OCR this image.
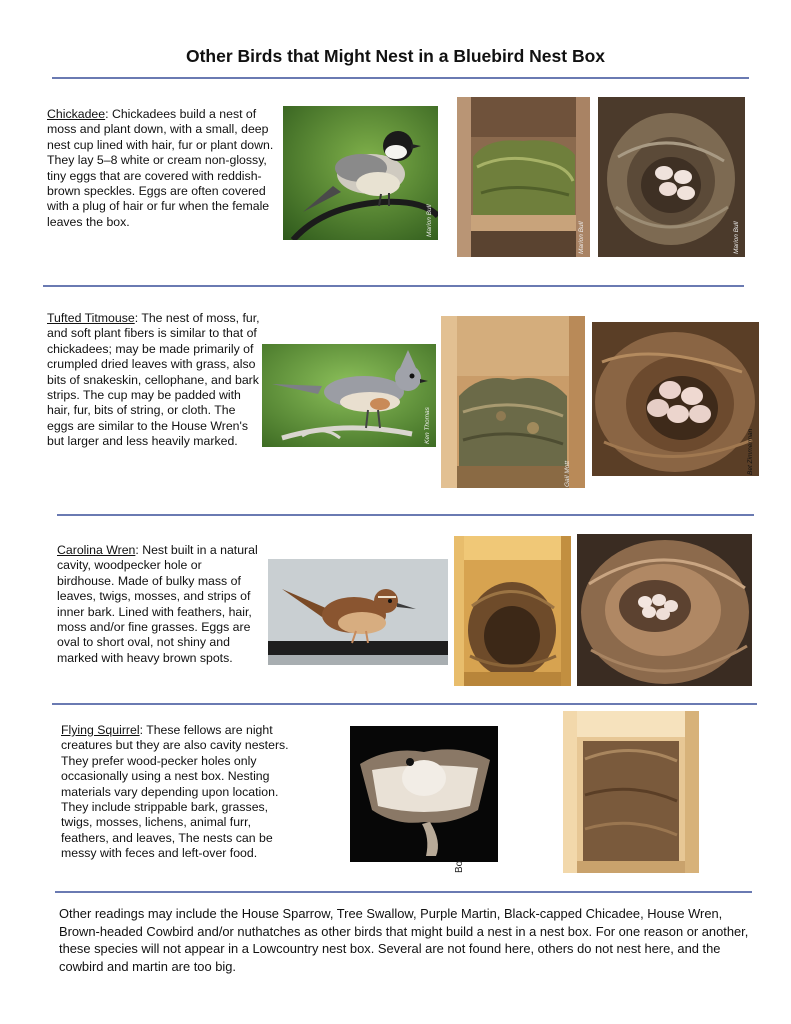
Other Birds that Might Nest in a Bluebird Nest Box

Chickadee: Chickadees build a nest of moss and plant down, with a small, deep nest cup lined with hair, fur or plant down. They lay 5–8 white or cream non-glossy, tiny eggs that are covered with reddish-brown speckles. Eggs are often covered with a plug of hair or fur when the female leaves the box.	Marion Bull
Marion Bull	Marion Bull

Tufted Titmouse: The nest of moss, fur, and soft plant fibers is similar to that of chickadees; may be made primarily of crumpled dried leaves with grass, also bits of snakeskin, cellophane, and bark strips. The cup may be padded with hair, fur, bits of string, or cloth. The eggs are similar to the House Wren's but larger and less heavily marked.	Ken Thomas
Gail Mott	Bet Zimmerman

Carolina Wren: Nest built in a natural cavity, woodpecker hole or birdhouse. Made of bulky mass of leaves, twigs, mosses, and strips of inner bark. Lined with feathers, hair, moss and/or fine grasses. Eggs are oval to short oval, not shiny and marked with heavy brown spots.

Flying Squirrel: These fellows are night creatures but they are also cavity nesters. They prefer wood-pecker holes only occasionally using a nest box. Nesting materials vary depending upon location. They include strippable bark, grasses, twigs, mosses, lichens, animal furr, feathers, and leaves, The nests can be messy with feces and left-over food.

Bo

Other readings may include the House Sparrow, Tree Swallow, Purple Martin, Black-capped Chicadee, House Wren, Brown-headed Cowbird and/or nuthatches as other birds that might build a nest in a nest box. For one reason or another, these species will not appear in a Lowcountry nest box. Several are not found here, others do not nest here, and the cowbird and martin are too big.
